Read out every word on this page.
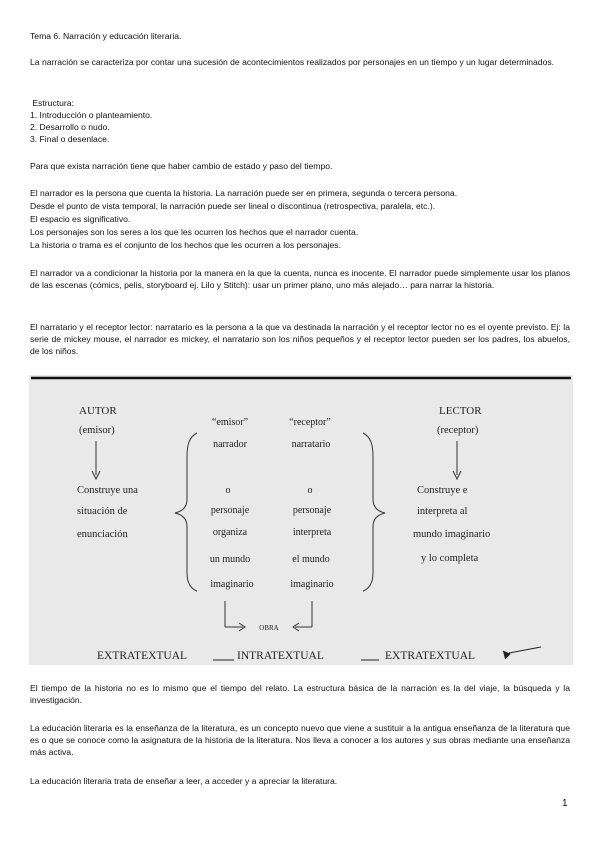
Tema 6. Narración y educación literaria.
La narración se caracteriza por contar una sucesión de acontecimientos realizados por personajes en un tiempo y un lugar determinados.
Estructura:
1. Introducción o planteamiento.
2. Desarrollo o nudo.
3. Final o desenlace.
Para que exista narración tiene que haber cambio de estado y paso del tiempo.
El narrador es la persona que cuenta la historia. La narración puede ser en primera, segunda o tercera persona.
Desde el punto de vista temporal, la narración puede ser lineal o discontinua (retrospectiva, paralela, etc.).
El espacio es significativo.
Los personajes son los seres a los que les ocurren los hechos que el narrador cuenta.
La historia o trama es el conjunto de los hechos que les ocurren a los personajes.
El narrador va a condicionar la historia por la manera en la que la cuenta, nunca es inocente. El narrador puede simplemente usar los planos de las escenas (cómics, pelis, storyboard ej. Lilo y Stitch): usar un primer plano, uno más alejado… para narrar la historia.
El narratario y el receptor lector: narratario es la persona a la que va destinada la narración y el receptor lector no es el oyente previsto. Ej: la serie de mickey mouse, el narrador es mickey, el narratario son los niños pequeños y el receptor lector pueden ser los padres, los abuelos, de los niños.
AUTOR
(emisor)
Construye una
situación de
enunciación
LECTOR
(receptor)
Construye e
interpreta al
mundo imaginario
y lo completa
“emisor”
narrador
o
personaje
organiza
un mundo
imaginario
“receptor”
narratario
o
personaje
interpreta
el mundo
imaginario
OBRA
EXTRATEXTUAL	INTRATEXTUAL	EXTRATEXTUAL
El tiempo de la historia no es lo mismo que el tiempo del relato. La estructura básica de la narración es la del viaje, la búsqueda y la investigación.
La educación literaria es la enseñanza de la literatura, es un concepto nuevo que viene a sustituir a la antigua enseñanza de la literatura que es o que se conoce como la asignatura de la historia de la literatura. Nos lleva a conocer a los autores y sus obras mediante una enseñanza más activa.
La educación literaria trata de enseñar a leer, a acceder y a apreciar la literatura.
1
